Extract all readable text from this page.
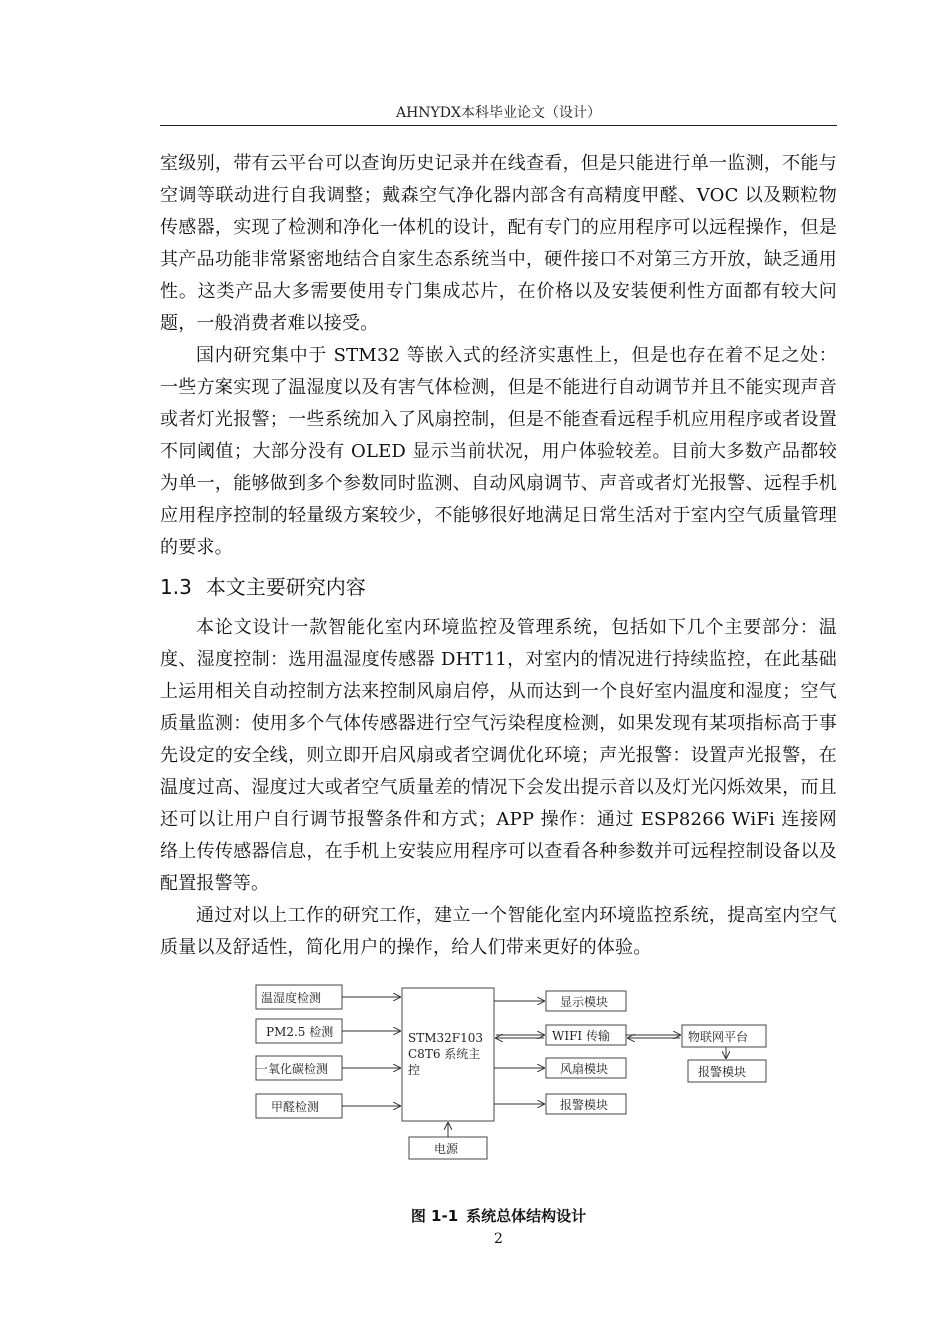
AHNYDX本科毕业论文（设计）

室级别，带有云平台可以查询历史记录并在线查看，但是只能进行单一监测，不能与空调等联动进行自我调整；戴森空气净化器内部含有高精度甲醛、VOC 以及颗粒物传感器，实现了检测和净化一体机的设计，配有专门的应用程序可以远程操作，但是其产品功能非常紧密地结合自家生态系统当中，硬件接口不对第三方开放，缺乏通用性。这类产品大多需要使用专门集成芯片，在价格以及安装便利性方面都有较大问题，一般消费者难以接受。

国内研究集中于 STM32 等嵌入式的经济实惠性上，但是也存在着不足之处：一些方案实现了温湿度以及有害气体检测，但是不能进行自动调节并且不能实现声音或者灯光报警；一些系统加入了风扇控制，但是不能查看远程手机应用程序或者设置不同阈值；大部分没有 OLED 显示当前状况，用户体验较差。目前大多数产品都较为单一，能够做到多个参数同时监测、自动风扇调节、声音或者灯光报警、远程手机应用程序控制的轻量级方案较少，不能够很好地满足日常生活对于室内空气质量管理的要求。

1.3 本文主要研究内容

本论文设计一款智能化室内环境监控及管理系统，包括如下几个主要部分：温度、湿度控制：选用温湿度传感器 DHT11，对室内的情况进行持续监控，在此基础上运用相关自动控制方法来控制风扇启停，从而达到一个良好室内温度和湿度；空气质量监测：使用多个气体传感器进行空气污染程度检测，如果发现有某项指标高于事先设定的安全线，则立即开启风扇或者空调优化环境；声光报警：设置声光报警，在温度过高、湿度过大或者空气质量差的情况下会发出提示音以及灯光闪烁效果，而且还可以让用户自行调节报警条件和方式；APP 操作：通过 ESP8266 WiFi 连接网络上传传感器信息，在手机上安装应用程序可以查看各种参数并可远程控制设备以及配置报警等。

通过对以上工作的研究工作，建立一个智能化室内环境监控系统，提高室内空气质量以及舒适性，简化用户的操作，给人们带来更好的体验。

温湿度检测
PM2.5 检测
一氧化碳检测
甲醛检测
STM32F103
C8T6 系统主
控
显示模块
WIFI 传输
风扇模块
报警模块
物联网平台
报警模块
电源
图 1-1 系统总体结构设计
2
